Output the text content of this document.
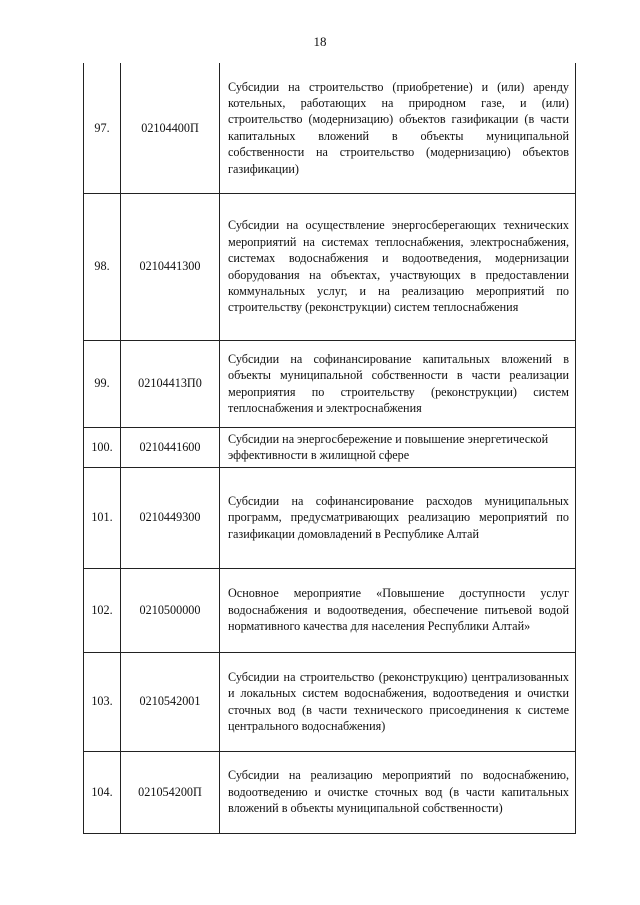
18
97.	02104400П	Субсидии на строительство (приобретение) и (или) аренду котельных, работающих на природном газе, и (или) строительство (модернизацию) объектов газификации (в части капитальных вложений в объекты муниципальной собственности на строительство (модернизацию) объектов газификации)
98.	0210441300	Субсидии на осуществление энергосберегающих технических мероприятий на системах теплоснабжения, электроснабжения, системах водоснабжения и водоотведения, модернизации оборудования на объектах, участвующих в предоставлении коммунальных услуг, и на реализацию мероприятий по строительству (реконструкции) систем теплоснабжения
99.	02104413П0	Субсидии на софинансирование капитальных вложений в объекты муниципальной собственности в части реализации мероприятия по строительству (реконструкции) систем теплоснабжения и электроснабжения
100.	0210441600	Субсидии на энергосбережение и повышение энергетической эффективности в жилищной сфере
101.	0210449300	Субсидии на софинансирование расходов муниципальных программ, предусматривающих реализацию мероприятий по газификации домовладений в Республике Алтай
102.	0210500000	Основное мероприятие «Повышение доступности услуг водоснабжения и водоотведения, обеспечение питьевой водой нормативного качества для населения Республики Алтай»
103.	0210542001	Субсидии на строительство (реконструкцию) централизованных и локальных систем водоснабжения, водоотведения и очистки сточных вод (в части технического присоединения к системе центрального водоснабжения)
104.	021054200П	Субсидии на реализацию мероприятий по водоснабжению, водоотведению и очистке сточных вод (в части капитальных вложений в объекты муниципальной собственности)
